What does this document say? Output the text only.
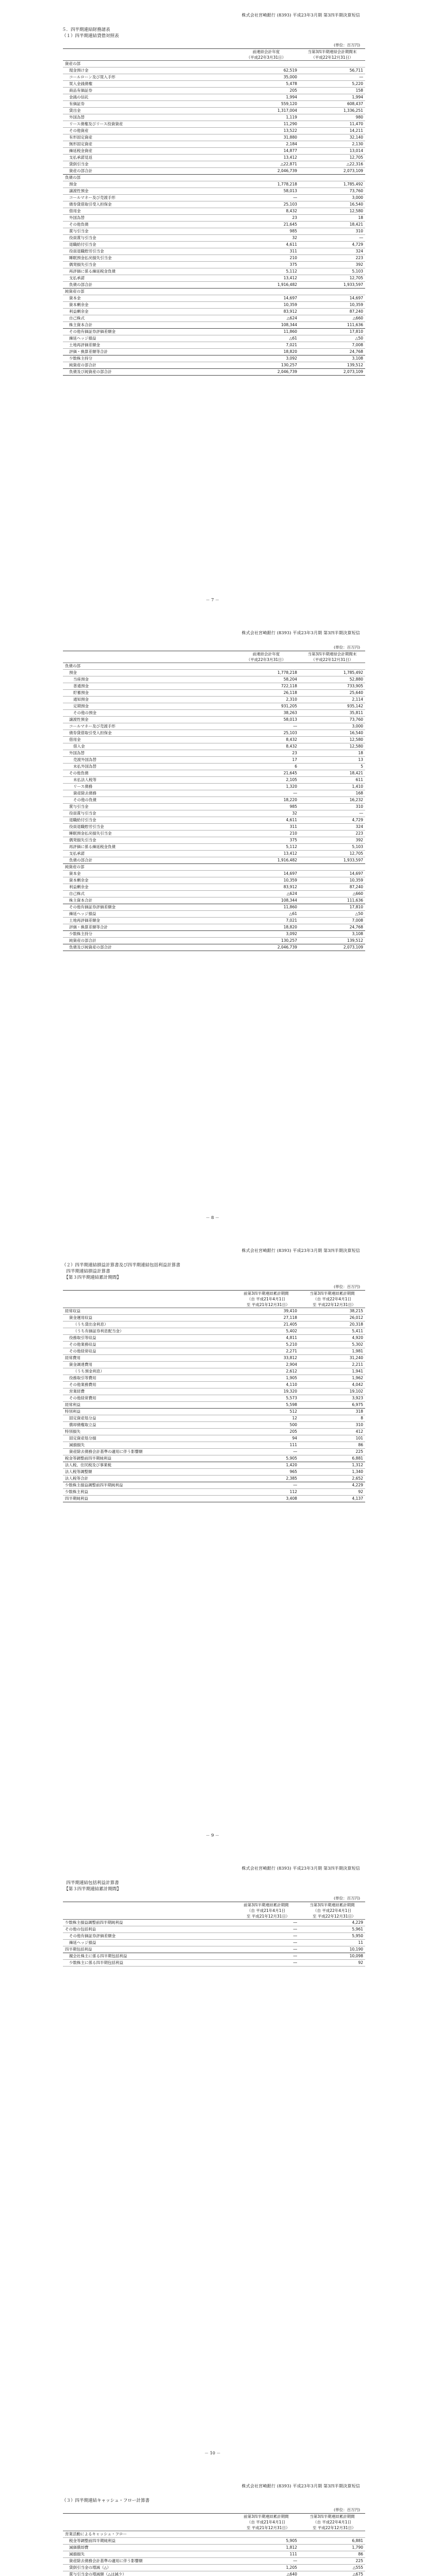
株式会社宮崎銀行 (8393) 平成23年3月期 第3四半期決算短信
５．四半期連結財務諸表
（１）四半期連結貸借対照表
(単位：百万円)
	前連結会計年度
（平成22年3月31日）	当第3四半期連結会計期間末
（平成22年12月31日）
資産の部		
現金預け金	62,519	56,711
コールローン及び買入手形	35,000	―
買入金銭債権	5,478	5,220
商品有価証券	205	158
金銭の信託	1,994	1,994
有価証券	559,120	608,437
貸出金	1,317,004	1,336,251
外国為替	1,119	980
リース債権及びリース投資資産	11,290	11,470
その他資産	13,522	14,211
有形固定資産	31,880	32,140
無形固定資産	2,184	2,130
繰延税金資産	14,877	13,014
支払承諾見返	13,412	12,705
貸倒引当金	△22,871	△22,316
資産の部合計	2,046,739	2,073,109
負債の部		
預金	1,778,218	1,785,492
譲渡性預金	58,013	73,760
コールマネー及び売渡手形	―	3,000
債券貸借取引受入担保金	25,103	16,540
借用金	8,432	12,580
外国為替	23	18
その他負債	21,645	18,421
賞与引当金	985	310
役員賞与引当金	32	―
退職給付引当金	4,611	4,729
役員退職慰労引当金	311	324
睡眠預金払戻損失引当金	210	223
偶発損失引当金	375	392
再評価に係る繰延税金負債	5,112	5,103
支払承諾	13,412	12,705
負債の部合計	1,916,482	1,933,597
純資産の部		
資本金	14,697	14,697
資本剰余金	10,359	10,359
利益剰余金	83,912	87,240
自己株式	△624	△660
株主資本合計	108,344	111,636
その他有価証券評価差額金	11,860	17,810
繰延ヘッジ損益	△61	△50
土地再評価差額金	7,021	7,008
評価・換算差額等合計	18,820	24,768
少数株主持分	3,092	3,108
純資産の部合計	130,257	139,512
負債及び純資産の部合計	2,046,739	2,073,109
－ 7 －
株式会社宮崎銀行 (8393) 平成23年3月期 第3四半期決算短信
(単位：百万円)
	前連結会計年度
（平成22年3月31日）	当第3四半期連結会計期間末
（平成22年12月31日）
負債の部		
預金	1,778,218	1,785,492
当座預金	58,204	52,880
普通預金	722,118	733,905
貯蓄預金	26,118	25,640
通知預金	2,310	2,114
定期預金	931,205	935,142
その他の預金	38,263	35,811
譲渡性預金	58,013	73,760
コールマネー及び売渡手形	―	3,000
債券貸借取引受入担保金	25,103	16,540
借用金	8,432	12,580
借入金	8,432	12,580
外国為替	23	18
売渡外国為替	17	13
未払外国為替	6	5
その他負債	21,645	18,421
未払法人税等	2,105	611
リース債務	1,320	1,410
資産除去債務	―	168
その他の負債	18,220	16,232
賞与引当金	985	310
役員賞与引当金	32	―
退職給付引当金	4,611	4,729
役員退職慰労引当金	311	324
睡眠預金払戻損失引当金	210	223
偶発損失引当金	375	392
再評価に係る繰延税金負債	5,112	5,103
支払承諾	13,412	12,705
負債の部合計	1,916,482	1,933,597
純資産の部		
資本金	14,697	14,697
資本剰余金	10,359	10,359
利益剰余金	83,912	87,240
自己株式	△624	△660
株主資本合計	108,344	111,636
その他有価証券評価差額金	11,860	17,810
繰延ヘッジ損益	△61	△50
土地再評価差額金	7,021	7,008
評価・換算差額等合計	18,820	24,768
少数株主持分	3,092	3,108
純資産の部合計	130,257	139,512
負債及び純資産の部合計	2,046,739	2,073,109
－ 8 －
株式会社宮崎銀行 (8393) 平成23年3月期 第3四半期決算短信
（２）四半期連結損益計算書及び四半期連結包括利益計算書
　四半期連結損益計算書
　【第３四半期連結累計期間】
(単位：百万円)
	前第3四半期連結累計期間
（自 平成21年4月1日
　至 平成21年12月31日）	当第3四半期連結累計期間
（自 平成22年4月1日
　至 平成22年12月31日）
経常収益	39,410	38,215
資金運用収益	27,118	26,012
（うち貸出金利息）	21,405	20,318
（うち有価証券利息配当金）	5,402	5,411
役務取引等収益	4,811	4,920
その他業務収益	5,210	5,302
その他経常収益	2,271	1,981
経常費用	33,812	31,240
資金調達費用	2,904	2,211
（うち預金利息）	2,612	1,941
役務取引等費用	1,905	1,962
その他業務費用	4,110	4,042
営業経費	19,320	19,102
その他経常費用	5,573	3,923
経常利益	5,598	6,975
特別利益	512	318
固定資産処分益	12	8
償却債権取立益	500	310
特別損失	205	412
固定資産処分損	94	101
減損損失	111	86
資産除去債務会計基準の適用に伴う影響額	―	225
税金等調整前四半期純利益	5,905	6,881
法人税、住民税及び事業税	1,420	1,312
法人税等調整額	965	1,340
法人税等合計	2,385	2,652
少数株主損益調整前四半期純利益	―	4,229
少数株主利益	112	92
四半期純利益	3,408	4,137
－ 9 －
株式会社宮崎銀行 (8393) 平成23年3月期 第3四半期決算短信
　四半期連結包括利益計算書
　【第３四半期連結累計期間】
(単位：百万円)
	前第3四半期連結累計期間
（自 平成21年4月1日
　至 平成21年12月31日）	当第3四半期連結累計期間
（自 平成22年4月1日
　至 平成22年12月31日）
少数株主損益調整前四半期純利益	―	4,229
その他の包括利益	―	5,961
その他有価証券評価差額金	―	5,950
繰延ヘッジ損益	―	11
四半期包括利益	―	10,190
親会社株主に係る四半期包括利益	―	10,098
少数株主に係る四半期包括利益	―	92
－ 10 －
株式会社宮崎銀行 (8393) 平成23年3月期 第3四半期決算短信
（３）四半期連結キャッシュ・フロー計算書
(単位：百万円)
	前第3四半期連結累計期間
（自 平成21年4月1日
　至 平成21年12月31日）	当第3四半期連結累計期間
（自 平成22年4月1日
　至 平成22年12月31日）
営業活動によるキャッシュ・フロー		
税金等調整前四半期純利益	5,905	6,881
減価償却費	1,812	1,790
減損損失	111	86
資産除去債務会計基準の適用に伴う影響額	―	225
貸倒引当金の増減（△）	1,205	△555
賞与引当金の増減額（△は減少）	△640	△675
